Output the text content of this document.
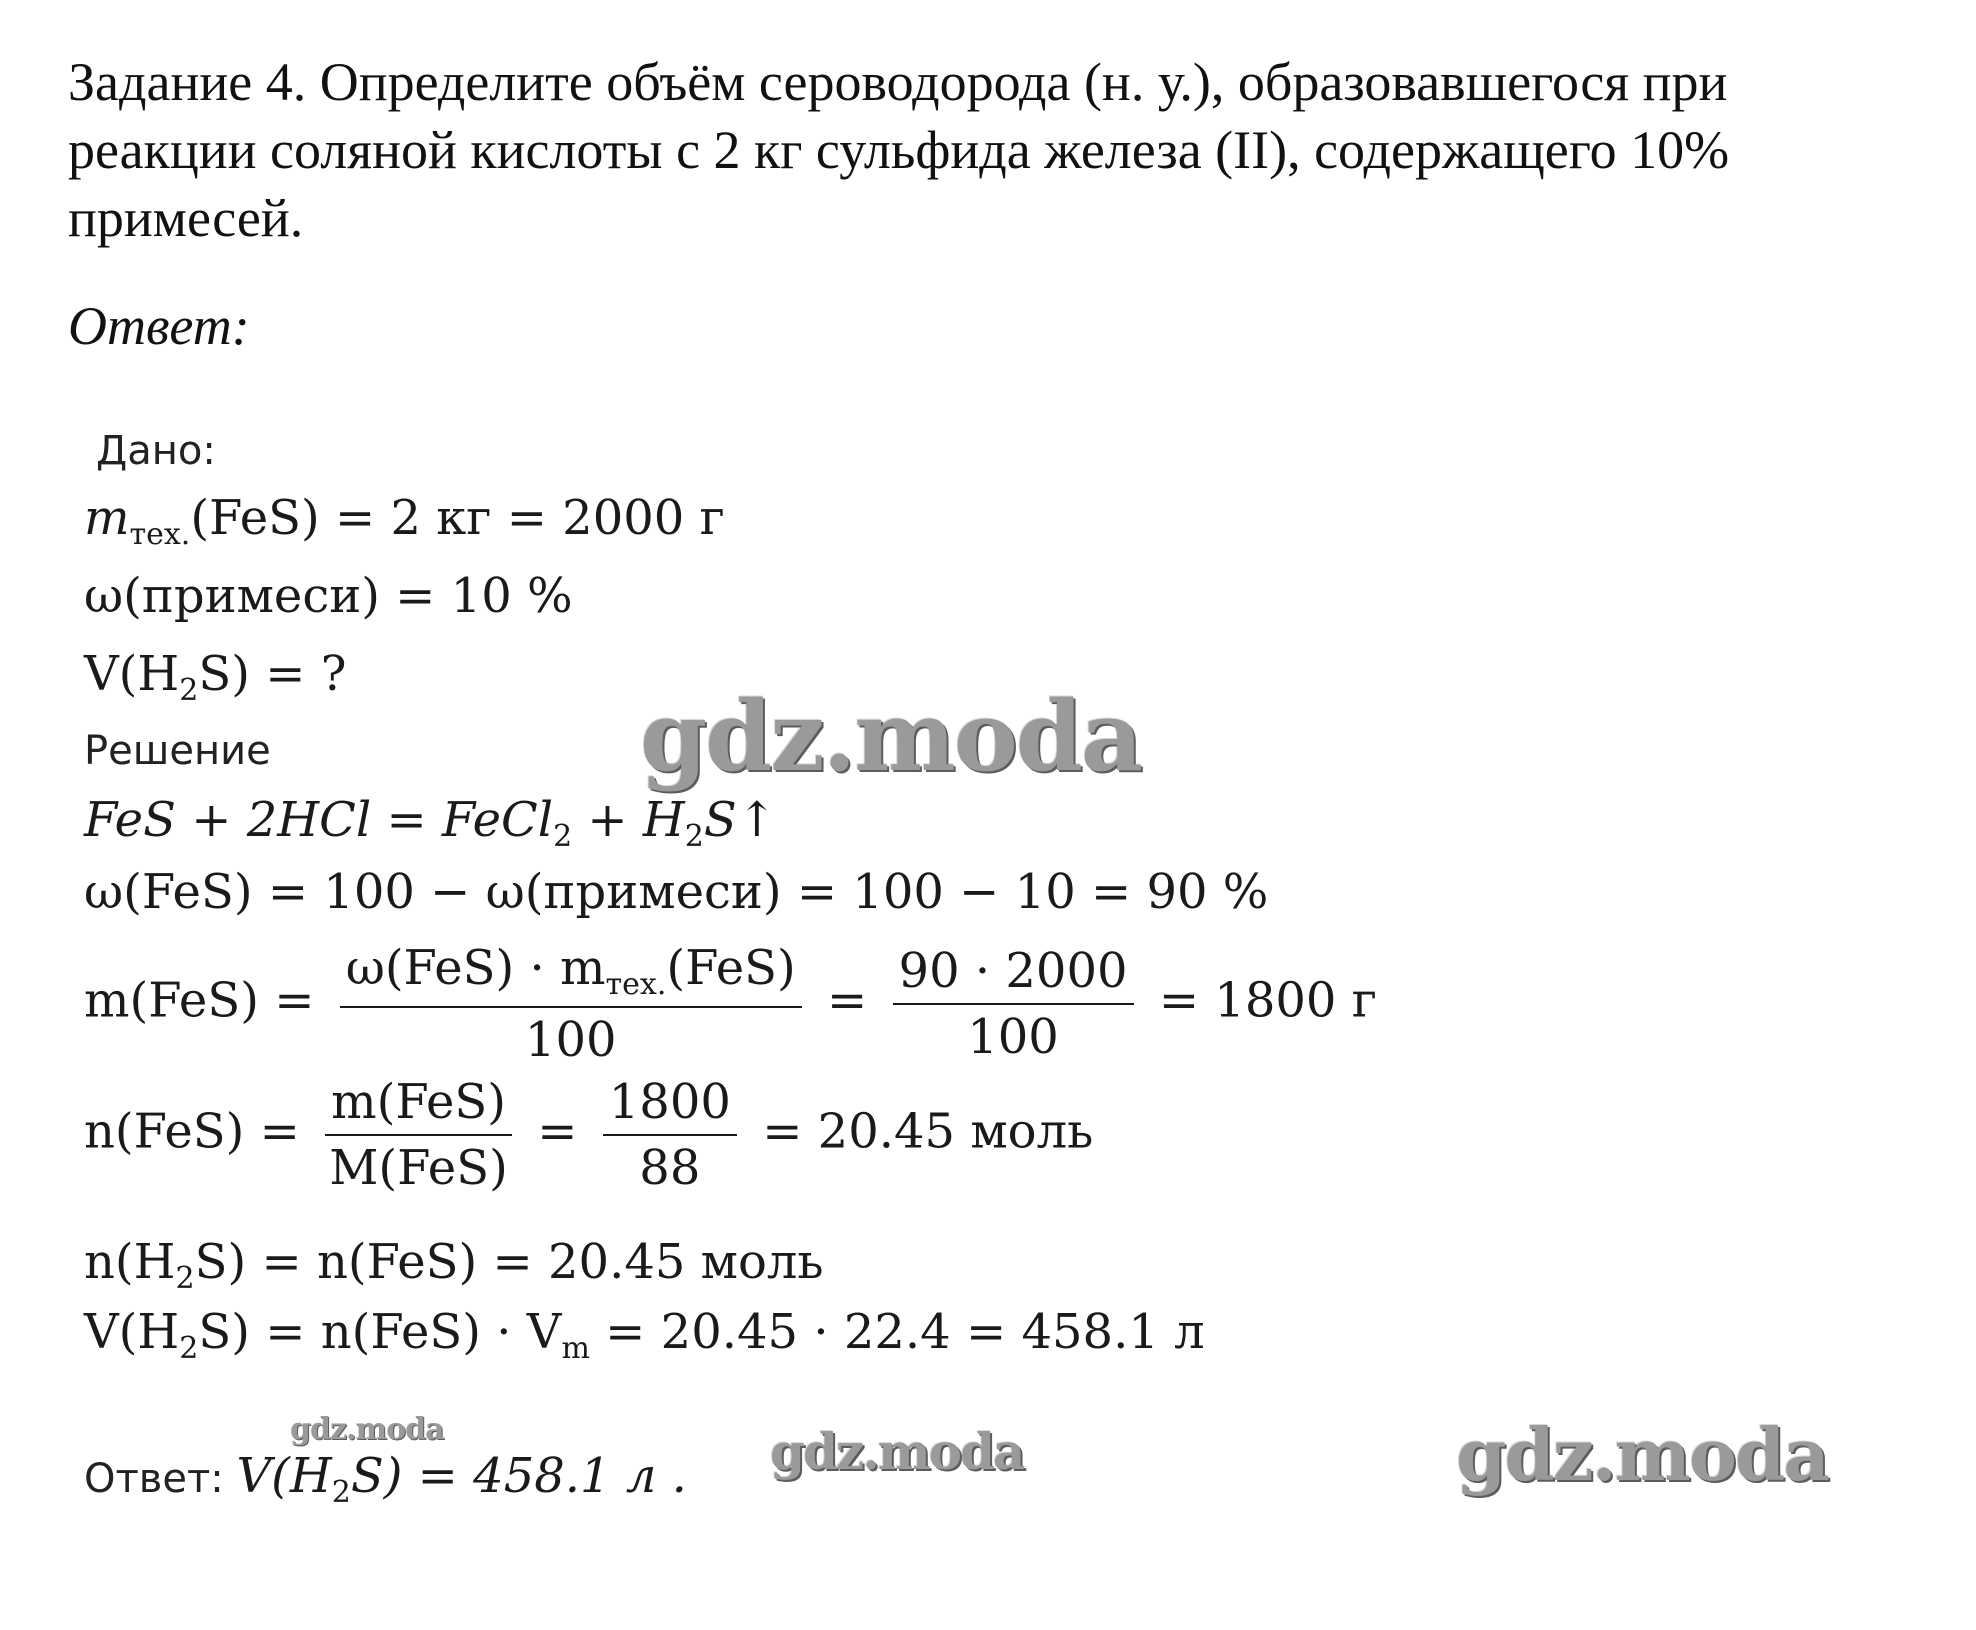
Задание 4. Определите объём сероводорода (н. у.), образовавшегося при реакции соляной кислоты с 2 кг сульфида железа (II), содержащего 10% примесей.
Ответ:
Дано:
$m_{тех.}(FeS) = 2$ кг = 2000 г
ω(примеси) = 10 %
$V(H_2S)$ = ?
Решение
FeS + 2HCl = FeCl$_2$ + $H_2S↑$
ω(FeS) = 100 − ω(примеси) = 100 − 10 = 90 %
$m(FeS) = \frac{\omega(FeS) \cdot m_{тех.}(FeS)}{100} = \frac{90 \cdot 2000}{100} = 1800$ г
$n(FeS) = \frac{\text{m(FeS)}}{\text{M(FeS)}} = \frac{1800}{88} = 20.45$ моль
$n(H_2S) = n(FeS) = 20.45$ моль
$V(H_2S) = n(FeS) \cdot V_m = 20.45 \cdot 22.4 = 458.1$ л
Ответ: $V(H_2S) = 458.1$ л .
gdz.moda
gdz.moda	gdz.moda	gdz.moda
